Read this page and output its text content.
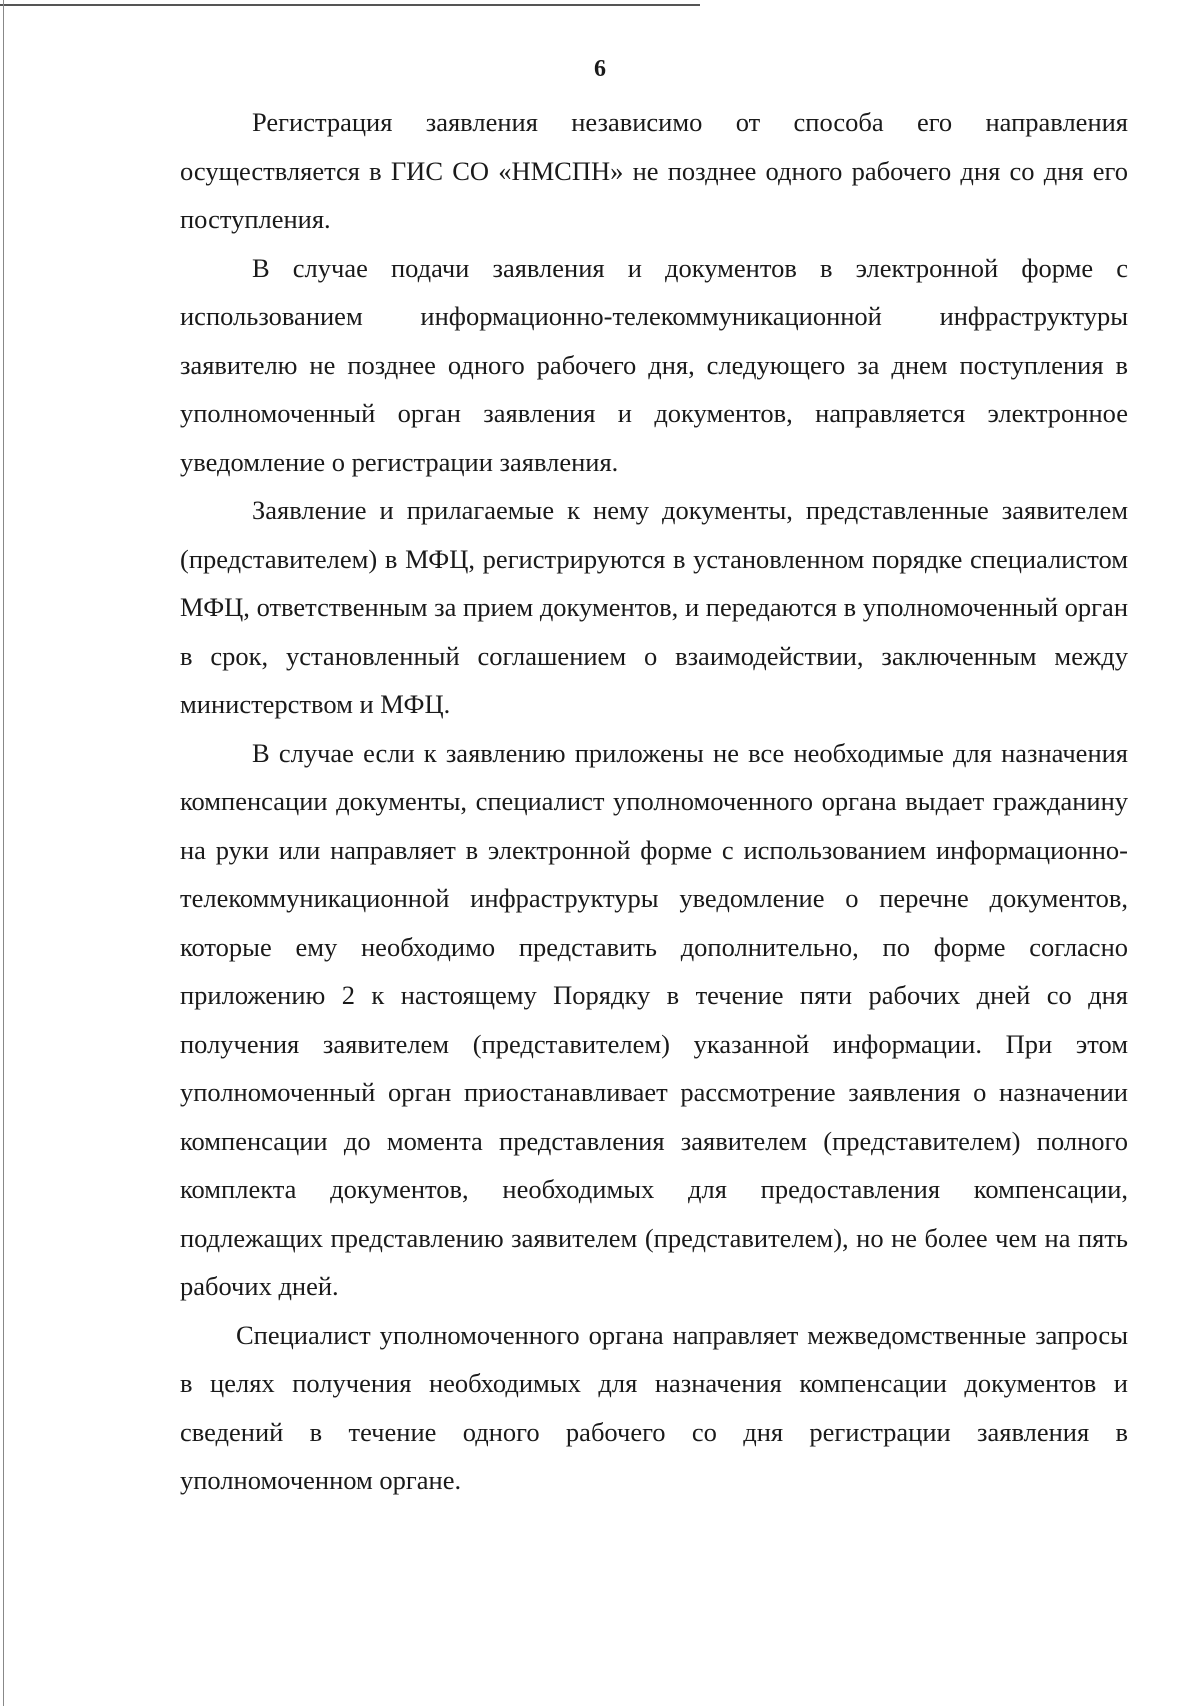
6

Регистрация заявления независимо от способа его направления осуществляется в ГИС СО «НМСПН» не позднее одного рабочего дня со дня его поступления.

В случае подачи заявления и документов в электронной форме с использованием информационно-телекоммуникационной инфраструктуры заявителю не позднее одного рабочего дня, следующего за днем поступления в уполномоченный орган заявления и документов, направляется электронное уведомление о регистрации заявления.

Заявление и прилагаемые к нему документы, представленные заявителем (представителем) в МФЦ, регистрируются в установленном порядке специалистом МФЦ, ответственным за прием документов, и передаются в уполномоченный орган в срок, установленный соглашением о взаимодействии, заключенным между министерством и МФЦ.

В случае если к заявлению приложены не все необходимые для назначения компенсации документы, специалист уполномоченного органа выдает гражданину на руки или направляет в электронной форме с использованием информационно-телекоммуникационной инфраструктуры уведомление о перечне документов, которые ему необходимо представить дополнительно, по форме согласно приложению 2 к настоящему Порядку в течение пяти рабочих дней со дня получения заявителем (представителем) указанной информации. При этом уполномоченный орган приостанавливает рассмотрение заявления о назначении компенсации до момента представления заявителем (представителем) полного комплекта документов, необходимых для предоставления компенсации, подлежащих представлению заявителем (представителем), но не более чем на пять рабочих дней.

Специалист уполномоченного органа направляет межведомственные запросы в целях получения необходимых для назначения компенсации документов и сведений в течение одного рабочего со дня регистрации заявления в уполномоченном органе.
